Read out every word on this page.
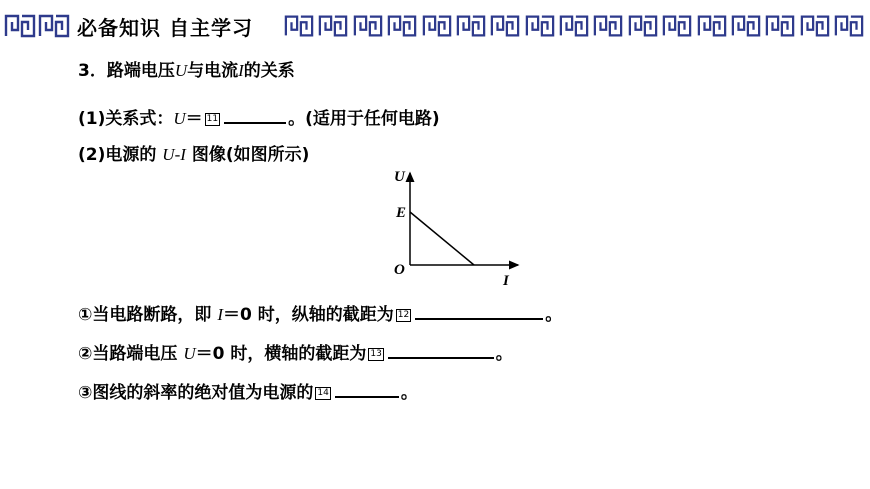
必备知识 自主学习
3．路端电压U与电流I的关系
(1)关系式：U＝ 11	。(适用于任何电路)
(2)电源的 U-I 图像(如图所示)
U
E
O
I
①当电路断路，即 I＝0 时，纵轴的截距为 12	。
②当路端电压 U＝0 时，横轴的截距为 13	。
③图线的斜率的绝对值为电源的 14	。
